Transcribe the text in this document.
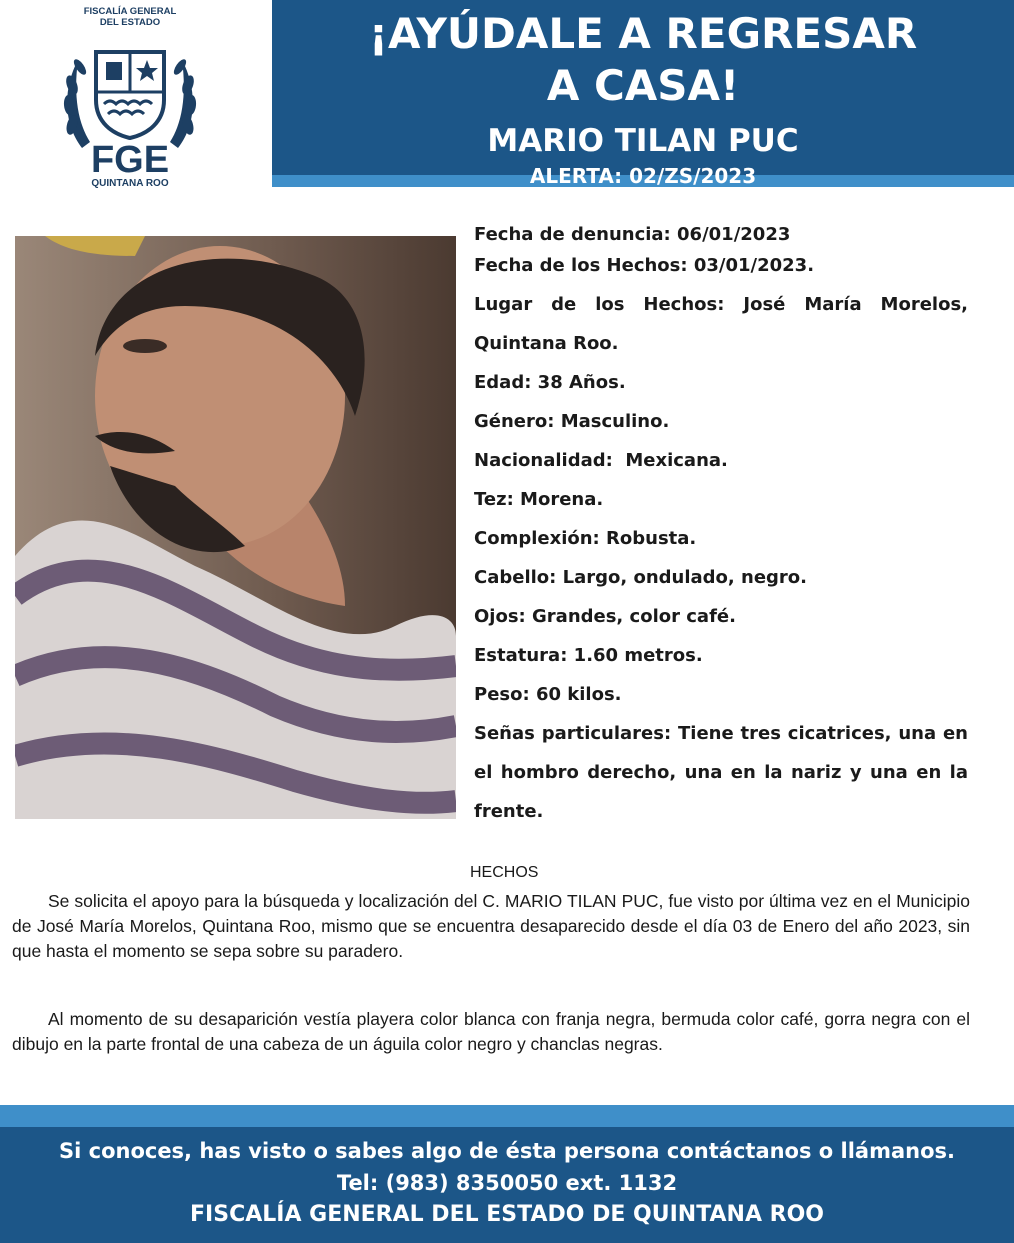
FISCALÍA GENERAL
DEL ESTADO
FGE
QUINTANA ROO
¡AYÚDALE A REGRESAR
A CASA!
MARIO TILAN PUC
ALERTA: 02/ZS/2023
Fecha de denuncia: 06/01/2023
Fecha de los Hechos: 03/01/2023.
Lugar de los Hechos: José María Morelos,
Quintana Roo.
Edad: 38 Años.
Género: Masculino.
Nacionalidad:  Mexicana.
Tez: Morena.
Complexión: Robusta.
Cabello: Largo, ondulado, negro.
Ojos: Grandes, color café.
Estatura: 1.60 metros.
Peso: 60 kilos.
Señas particulares: Tiene tres cicatrices, una en el hombro derecho, una en la nariz y una en la frente.
HECHOS
Se solicita el apoyo para la búsqueda y localización del C. MARIO TILAN PUC, fue visto por última vez en el Municipio de José María Morelos, Quintana Roo, mismo que se encuentra desaparecido desde el día 03 de Enero del año 2023, sin que hasta el momento se sepa sobre su paradero.
Al momento de su desaparición vestía playera color blanca con franja negra, bermuda color café, gorra negra con el dibujo en la parte frontal de una cabeza de un águila color negro y chanclas negras.
Si conoces, has visto o sabes algo de ésta persona contáctanos o llámanos.
Tel: (983) 8350050 ext. 1132
FISCALÍA GENERAL DEL ESTADO DE QUINTANA ROO
